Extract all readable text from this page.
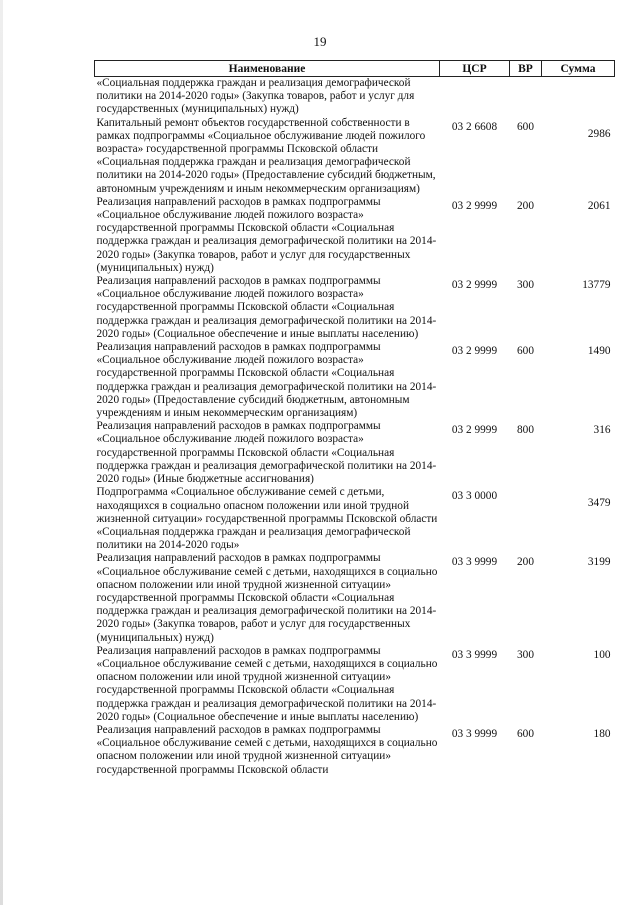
19
Наименование	ЦСР	ВР	Сумма
«Социальная поддержка граждан и реализация демографической политики на 2014-2020 годы» (Закупка товаров, работ и услуг для государственных (муниципальных) нужд)			
Капитальный ремонт объектов государственной собственности в рамках подпрограммы «Социальное обслуживание людей пожилого возраста» государственной программы Псковской области «Социальная поддержка граждан и реализация демографической политики на 2014-2020 годы» (Предоставление субсидий бюджетным, автономным учреждениям и иным некоммерческим организациям)	03 2 6608	600	2986
Реализация направлений расходов в рамках подпрограммы «Социальное обслуживание людей пожилого возраста» государственной программы Псковской области «Социальная поддержка граждан и реализация демографической политики на 2014-2020 годы» (Закупка товаров, работ и услуг для государственных (муниципальных) нужд)	03 2 9999	200	2061
Реализация направлений расходов в рамках подпрограммы «Социальное обслуживание людей пожилого возраста» государственной программы Псковской области «Социальная поддержка граждан и реализация демографической политики на 2014-2020 годы» (Социальное обеспечение и иные выплаты населению)	03 2 9999	300	13779
Реализация направлений расходов в рамках подпрограммы «Социальное обслуживание людей пожилого возраста» государственной программы Псковской области «Социальная поддержка граждан и реализация демографической политики на 2014-2020 годы» (Предоставление субсидий бюджетным, автономным учреждениям и иным некоммерческим организациям)	03 2 9999	600	1490
Реализация направлений расходов в рамках подпрограммы «Социальное обслуживание людей пожилого возраста» государственной программы Псковской области «Социальная поддержка граждан и реализация демографической политики на 2014-2020 годы» (Иные бюджетные ассигнования)	03 2 9999	800	316
Подпрограмма «Социальное обслуживание семей с детьми, находящихся в социально опасном положении или иной трудной жизненной ситуации» государственной программы Псковской области «Социальная поддержка граждан и реализация демографической политики на 2014-2020 годы»	03 3 0000		3479
Реализация направлений расходов в рамках подпрограммы «Социальное обслуживание семей с детьми, находящихся в социально опасном положении или иной трудной жизненной ситуации» государственной программы Псковской области «Социальная поддержка граждан и реализация демографической политики на 2014-2020 годы» (Закупка товаров, работ и услуг для государственных (муниципальных) нужд)	03 3 9999	200	3199
Реализация направлений расходов в рамках подпрограммы «Социальное обслуживание семей с детьми, находящихся в социально опасном положении или иной трудной жизненной ситуации» государственной программы Псковской области «Социальная поддержка граждан и реализация демографической политики на 2014-2020 годы» (Социальное обеспечение и иные выплаты населению)	03 3 9999	300	100
Реализация направлений расходов в рамках подпрограммы «Социальное обслуживание семей с детьми, находящихся в социально опасном положении или иной трудной жизненной ситуации» государственной программы Псковской области	03 3 9999	600	180
